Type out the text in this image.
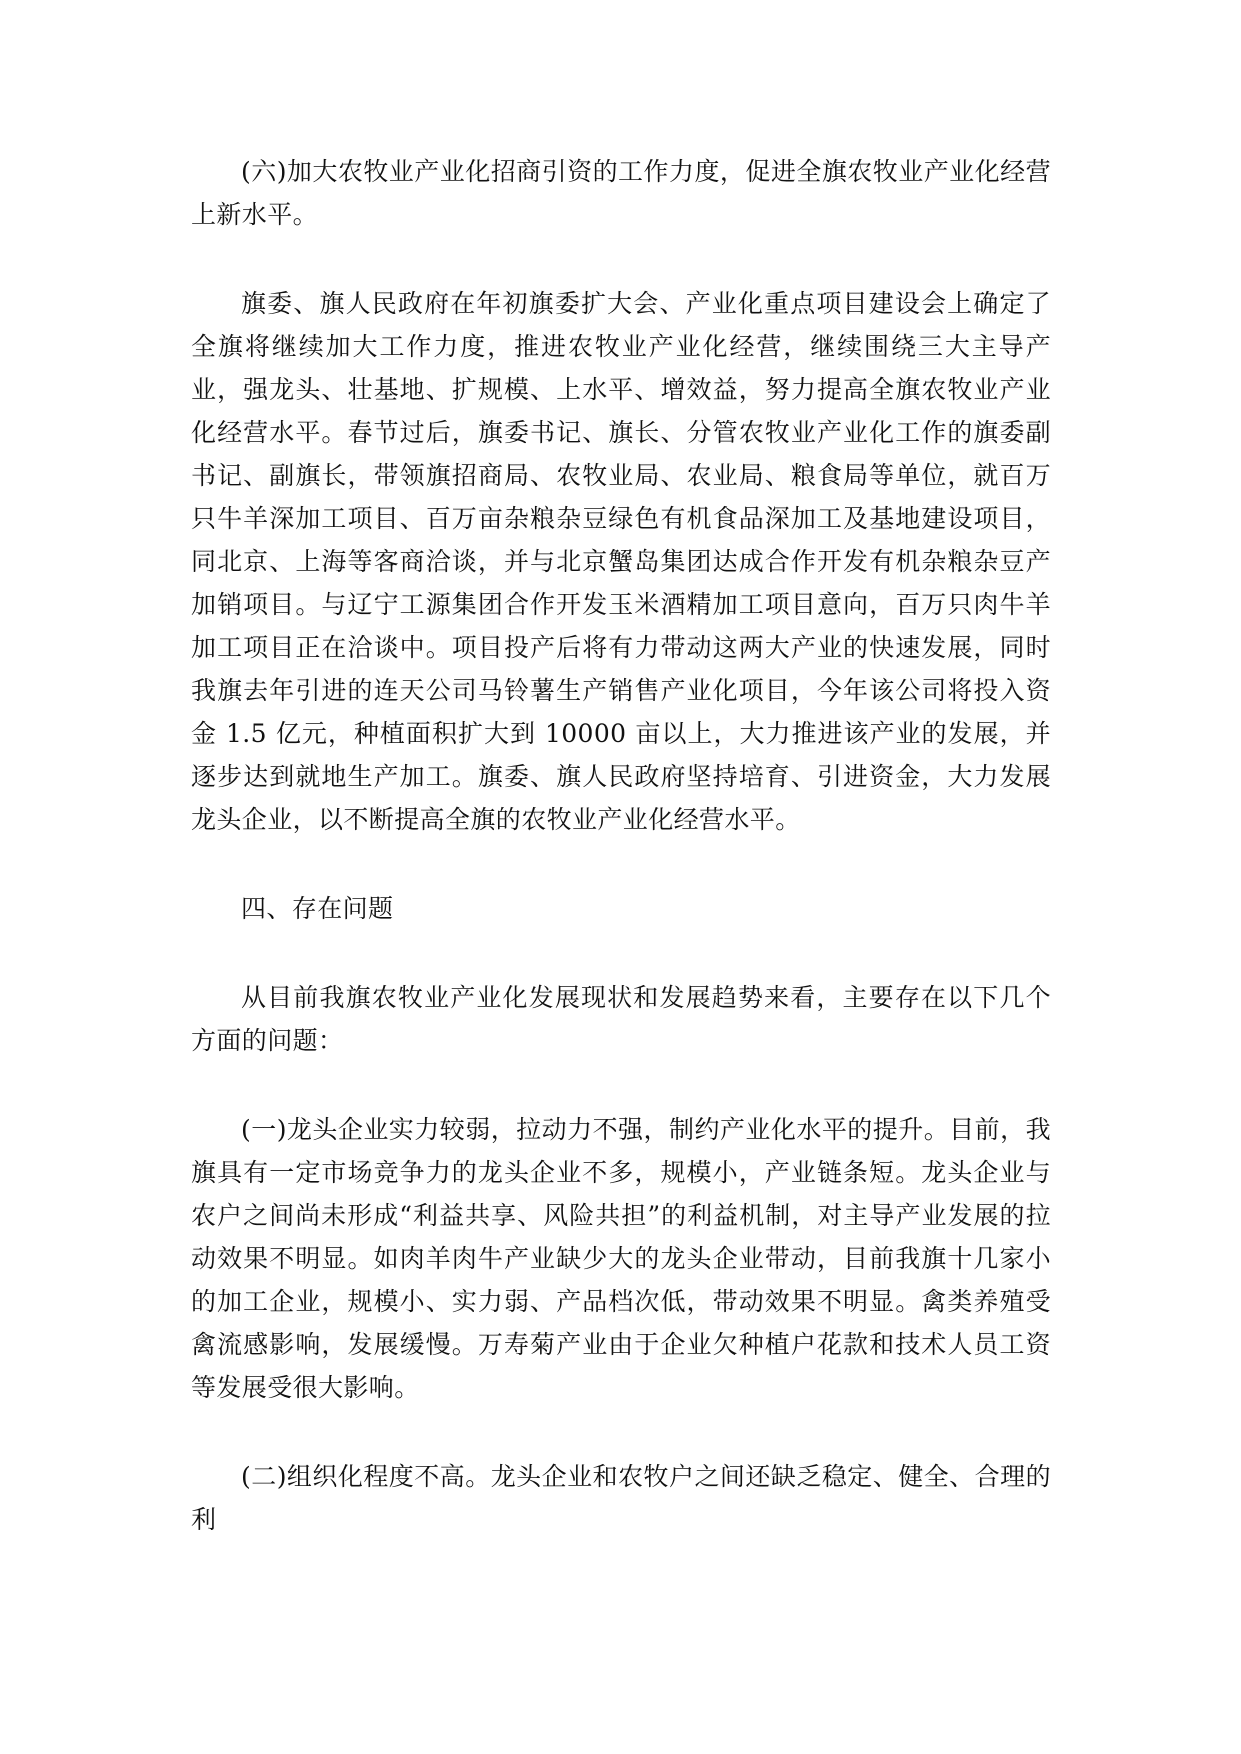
(六)加大农牧业产业化招商引资的工作力度，促进全旗农牧业产业化经营上新水平。

旗委、旗人民政府在年初旗委扩大会、产业化重点项目建设会上确定了全旗将继续加大工作力度，推进农牧业产业化经营，继续围绕三大主导产业，强龙头、壮基地、扩规模、上水平、增效益，努力提高全旗农牧业产业化经营水平。春节过后，旗委书记、旗长、分管农牧业产业化工作的旗委副书记、副旗长，带领旗招商局、农牧业局、农业局、粮食局等单位，就百万只牛羊深加工项目、百万亩杂粮杂豆绿色有机食品深加工及基地建设项目，同北京、上海等客商洽谈，并与北京蟹岛集团达成合作开发有机杂粮杂豆产加销项目。与辽宁工源集团合作开发玉米酒精加工项目意向，百万只肉牛羊加工项目正在洽谈中。项目投产后将有力带动这两大产业的快速发展，同时我旗去年引进的连天公司马铃薯生产销售产业化项目，今年该公司将投入资金 1.5 亿元，种植面积扩大到 10000 亩以上，大力推进该产业的发展，并逐步达到就地生产加工。旗委、旗人民政府坚持培育、引进资金，大力发展龙头企业，以不断提高全旗的农牧业产业化经营水平。

四、存在问题

从目前我旗农牧业产业化发展现状和发展趋势来看，主要存在以下几个方面的问题：

(一)龙头企业实力较弱，拉动力不强，制约产业化水平的提升。目前，我旗具有一定市场竞争力的龙头企业不多，规模小，产业链条短。龙头企业与农户之间尚未形成“利益共享、风险共担”的利益机制，对主导产业发展的拉动效果不明显。如肉羊肉牛产业缺少大的龙头企业带动，目前我旗十几家小的加工企业，规模小、实力弱、产品档次低，带动效果不明显。禽类养殖受禽流感影响，发展缓慢。万寿菊产业由于企业欠种植户花款和技术人员工资等发展受很大影响。

(二)组织化程度不高。龙头企业和农牧户之间还缺乏稳定、健全、合理的利
